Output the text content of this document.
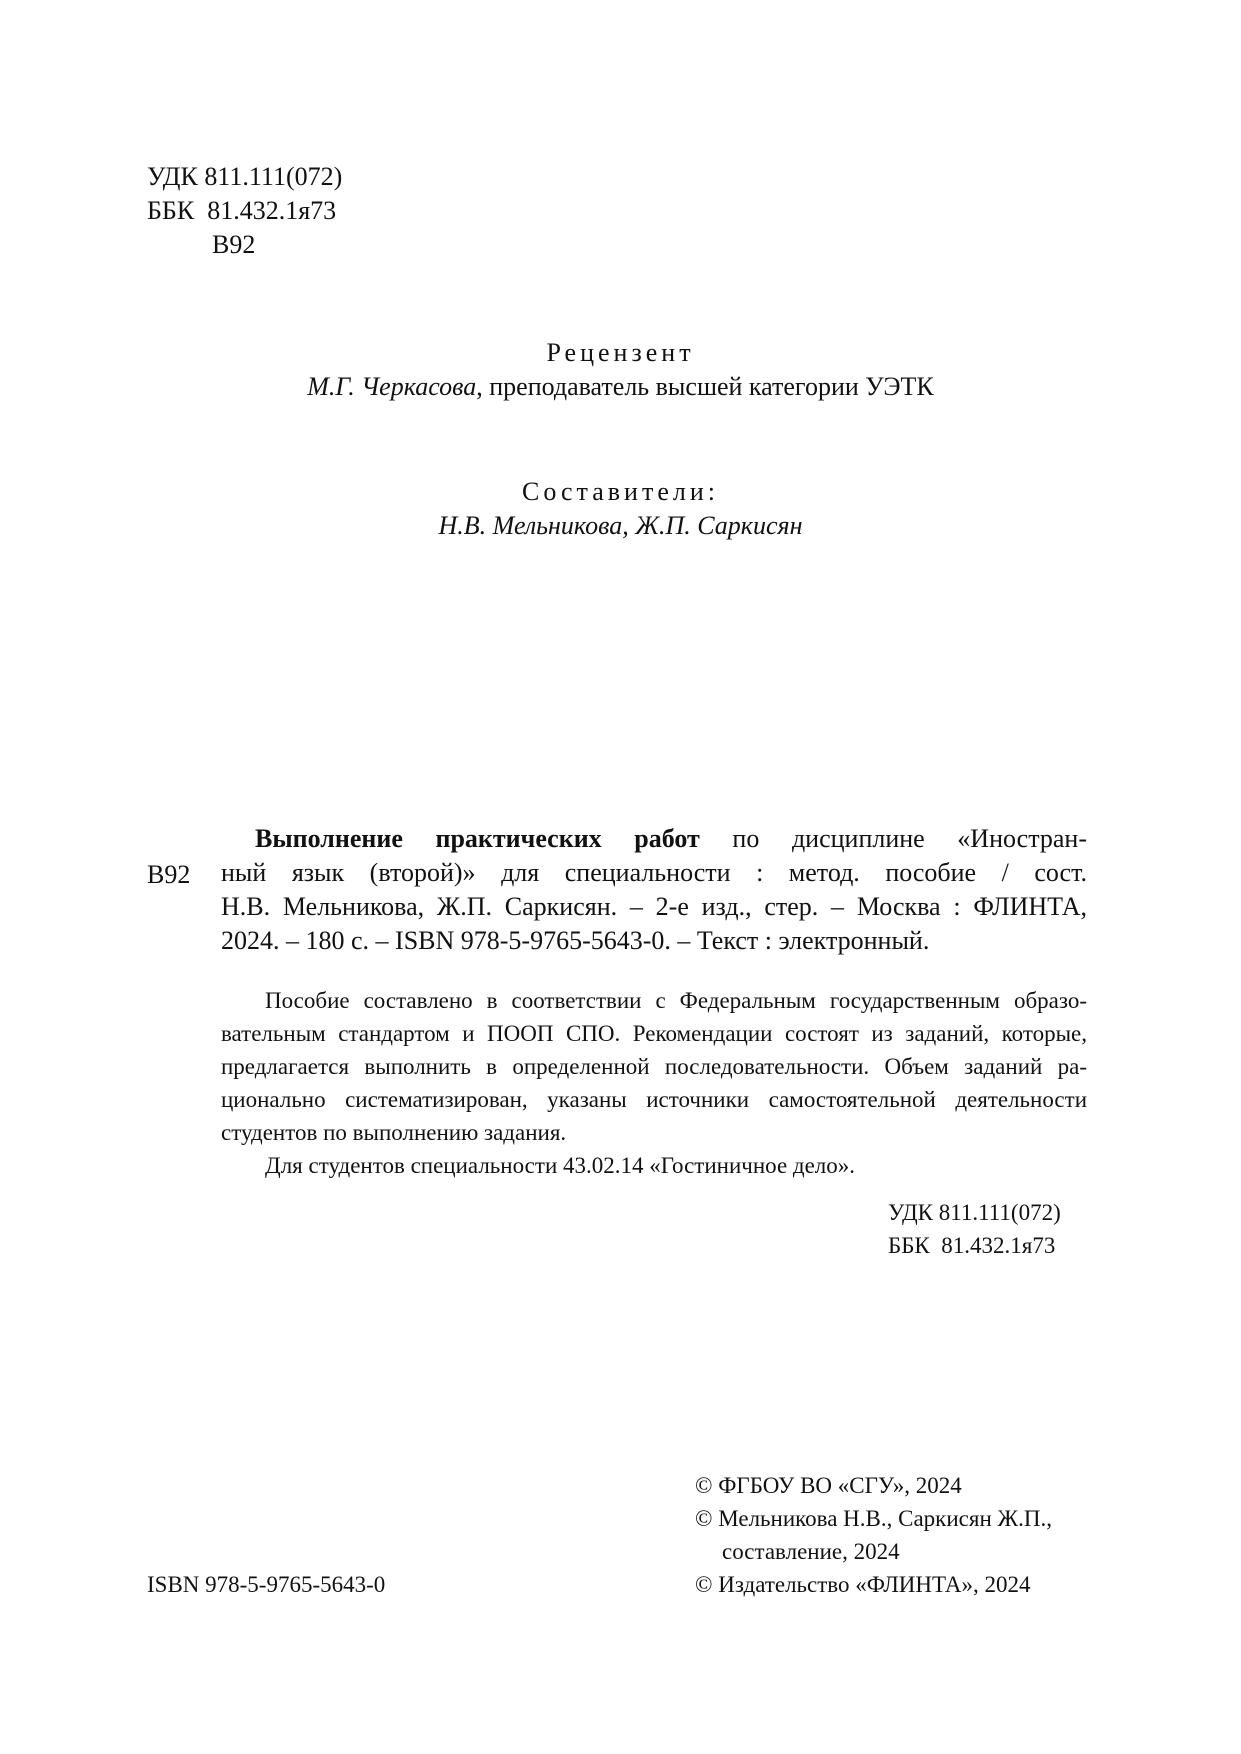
УДК 811.111(072)
ББК  81.432.1я73
В92
Рецензент
М.Г. Черкасова, преподаватель высшей категории УЭТК
Составители:
Н.В. Мельникова, Ж.П. Саркисян
В92
Выполнение практических работ по дисциплине «Иностран-
ный язык (второй)» для специальности : метод. пособие / сост.
Н.В. Мельникова, Ж.П. Саркисян. – 2-е изд., стер. – Москва : ФЛИНТА,
2024. – 180 с. – ISBN 978-5-9765-5643-0. – Текст : электронный.
Пособие составлено в соответствии с Федеральным государственным образо-
вательным стандартом и ПООП СПО. Рекомендации состоят из заданий, которые,
предлагается выполнить в определенной последовательности. Объем заданий ра-
ционально систематизирован, указаны источники самостоятельной деятельности
студентов по выполнению задания.
Для студентов специальности 43.02.14 «Гостиничное дело».
УДК 811.111(072)
ББК  81.432.1я73
© ФГБОУ ВО «СГУ», 2024
© Мельникова Н.В., Саркисян Ж.П.,
составление, 2024
© Издательство «ФЛИНТА», 2024
ISBN 978-5-9765-5643-0
